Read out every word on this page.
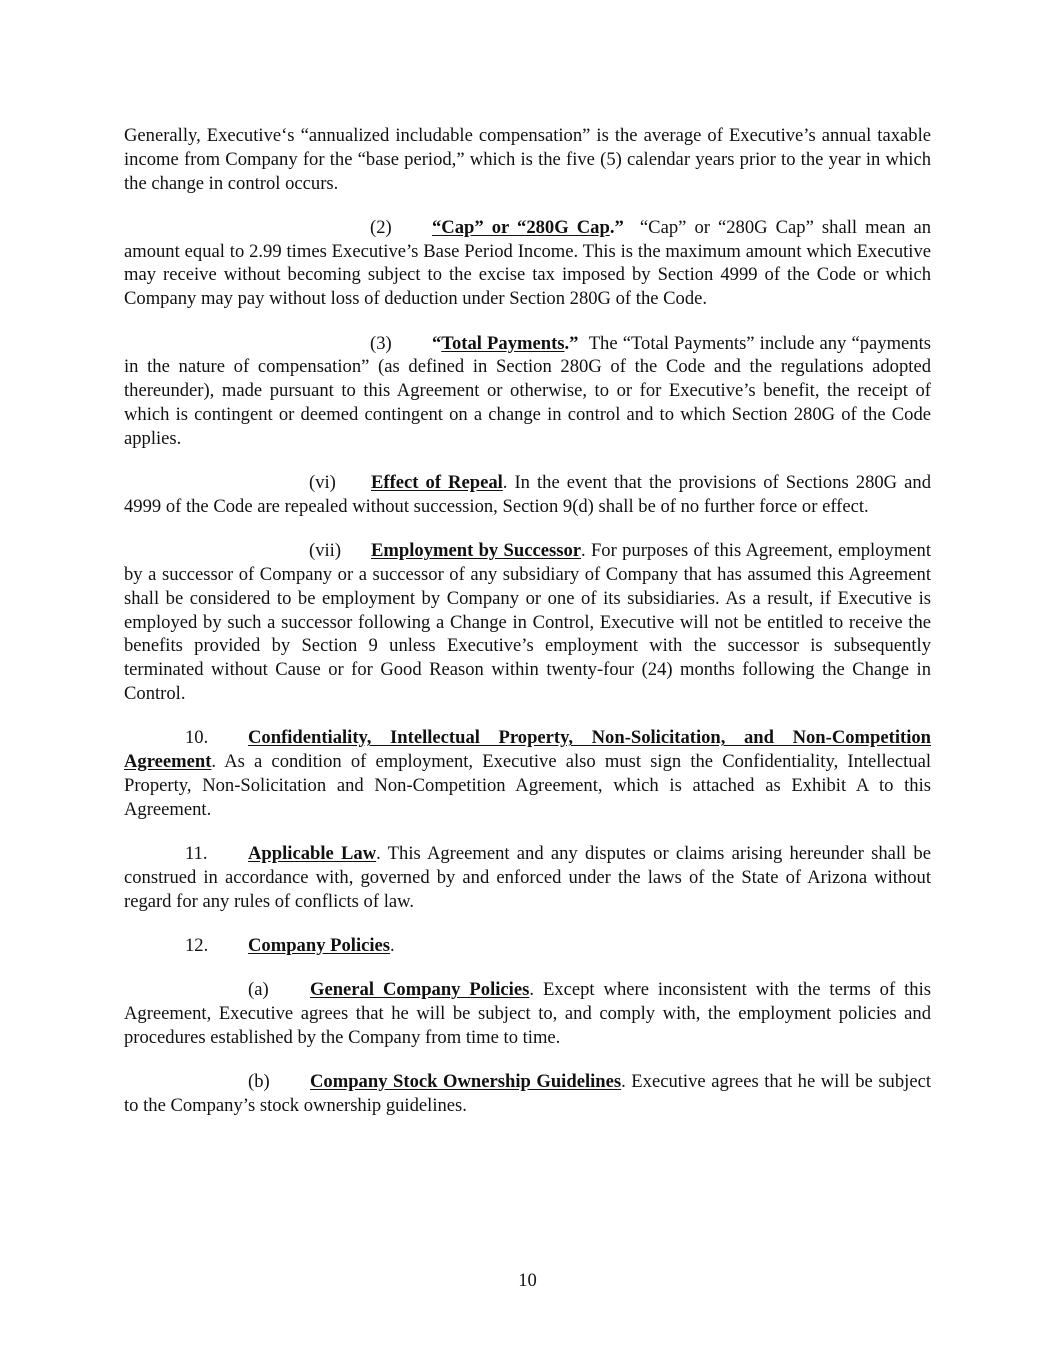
Generally, Executive‘s “annualized includable compensation” is the average of Executive’s annual taxable income from Company for the “base period,” which is the five (5) calendar years prior to the year in which the change in control occurs.

(2) “Cap” or “280G Cap.” “Cap” or “280G Cap” shall mean an amount equal to 2.99 times Executive’s Base Period Income. This is the maximum amount which Executive may receive without becoming subject to the excise tax imposed by Section 4999 of the Code or which Company may pay without loss of deduction under Section 280G of the Code.

(3) “Total Payments.” The “Total Payments” include any “payments in the nature of compensation” (as defined in Section 280G of the Code and the regulations adopted thereunder), made pursuant to this Agreement or otherwise, to or for Executive’s benefit, the receipt of which is contingent or deemed contingent on a change in control and to which Section 280G of the Code applies.

(vi) Effect of Repeal. In the event that the provisions of Sections 280G and 4999 of the Code are repealed without succession, Section 9(d) shall be of no further force or effect.

(vii) Employment by Successor. For purposes of this Agreement, employment by a successor of Company or a successor of any subsidiary of Company that has assumed this Agreement shall be considered to be employment by Company or one of its subsidiaries. As a result, if Executive is employed by such a successor following a Change in Control, Executive will not be entitled to receive the benefits provided by Section 9 unless Executive’s employment with the successor is subsequently terminated without Cause or for Good Reason within twenty-four (24) months following the Change in Control.

10. Confidentiality, Intellectual Property, Non-Solicitation, and Non-Competition Agreement. As a condition of employment, Executive also must sign the Confidentiality, Intellectual Property, Non-Solicitation and Non-Competition Agreement, which is attached as Exhibit A to this Agreement.

11. Applicable Law. This Agreement and any disputes or claims arising hereunder shall be construed in accordance with, governed by and enforced under the laws of the State of Arizona without regard for any rules of conflicts of law.

12. Company Policies.

(a) General Company Policies. Except where inconsistent with the terms of this Agreement, Executive agrees that he will be subject to, and comply with, the employment policies and procedures established by the Company from time to time.

(b) Company Stock Ownership Guidelines. Executive agrees that he will be subject to the Company’s stock ownership guidelines.

10
